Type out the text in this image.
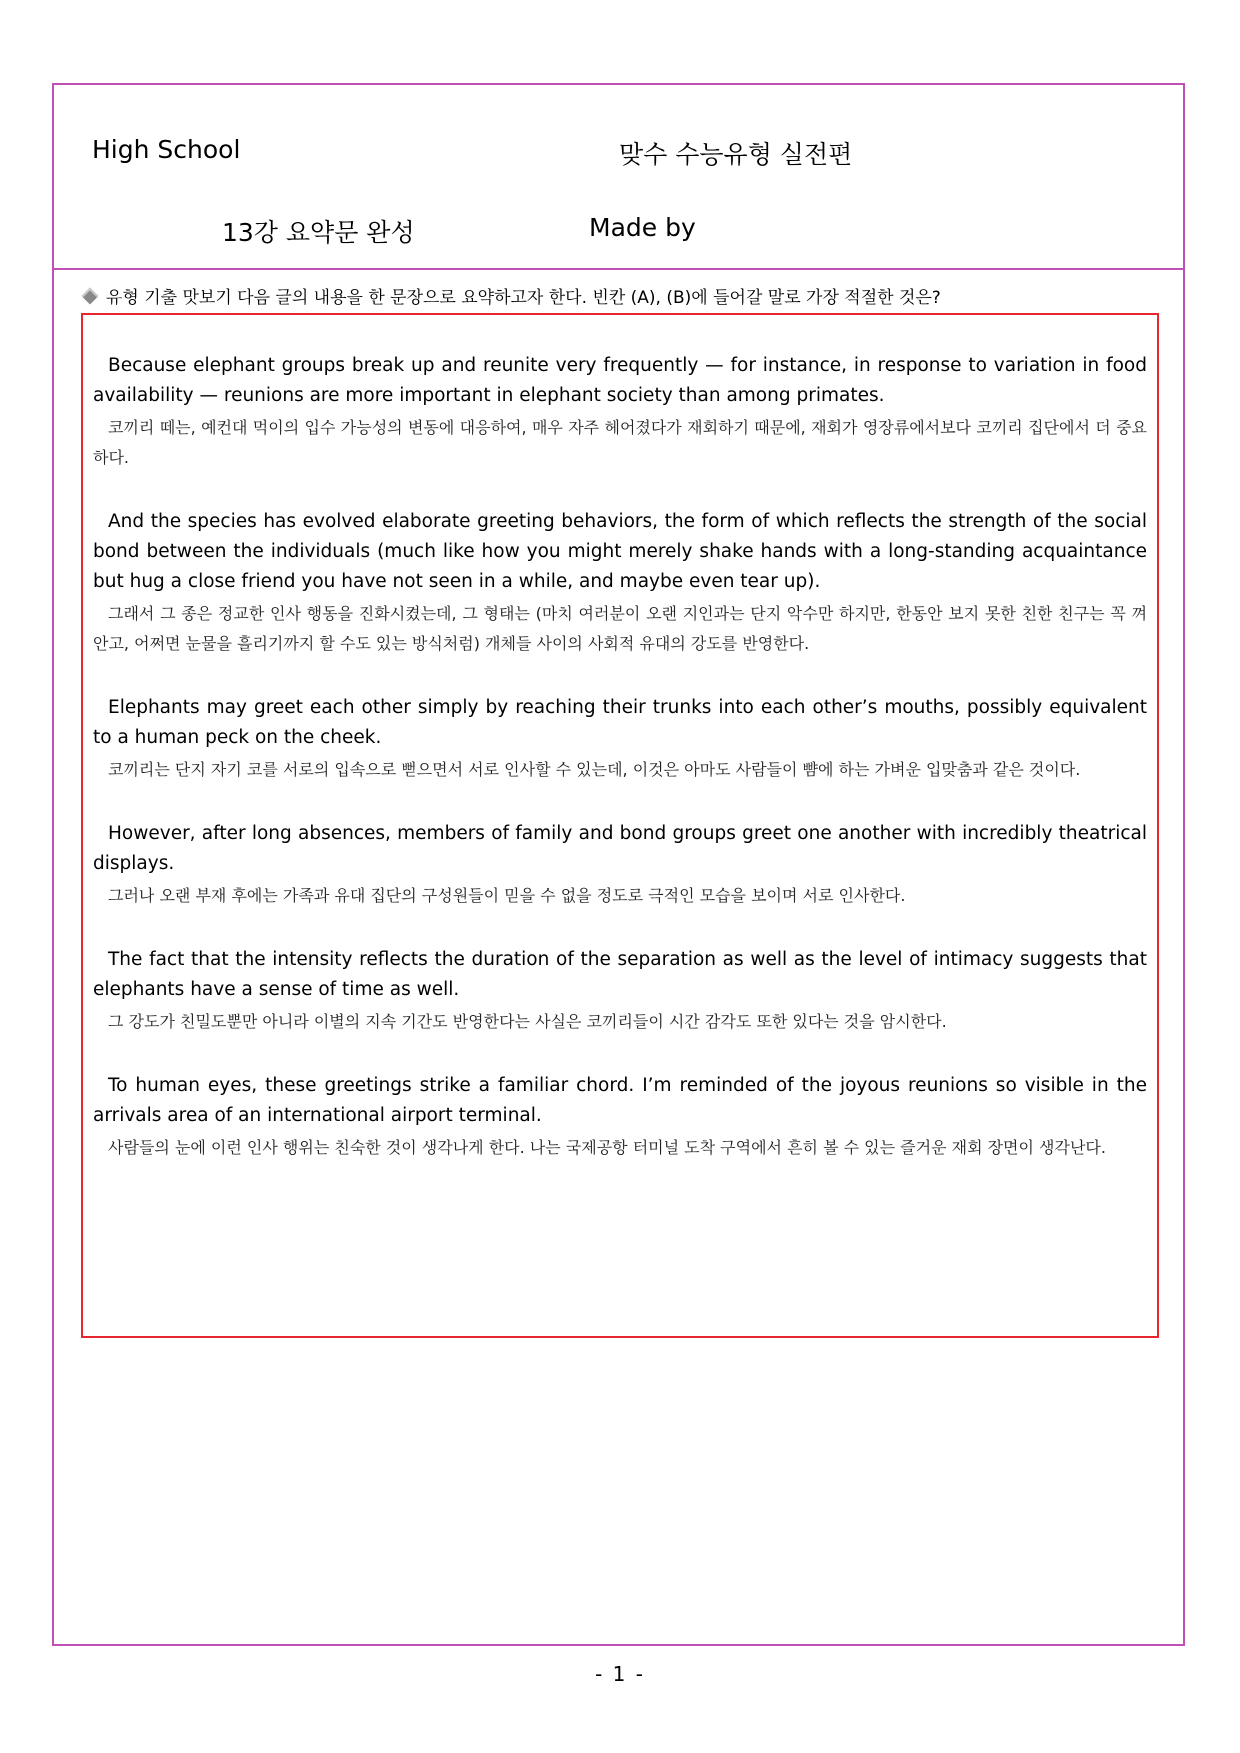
High School	맞수 수능유형 실전편
13강 요약문 완성	Made by
유형 기출 맛보기 다음 글의 내용을 한 문장으로 요약하고자 한다. 빈칸 (A), (B)에 들어갈 말로 가장 적절한 것은?

Because elephant groups break up and reunite very frequently — for instance, in response to variation in food availability — reunions are more important in elephant society than among primates.

코끼리 떼는, 예컨대 먹이의 입수 가능성의 변동에 대응하여, 매우 자주 헤어졌다가 재회하기 때문에, 재회가 영장류에서보다 코끼리 집단에서 더 중요하다.

And the species has evolved elaborate greeting behaviors, the form of which reflects the strength of the social bond between the individuals (much like how you might merely shake hands with a long-standing acquaintance but hug a close friend you have not seen in a while, and maybe even tear up).

그래서 그 종은 정교한 인사 행동을 진화시켰는데, 그 형태는 (마치 여러분이 오랜 지인과는 단지 악수만 하지만, 한동안 보지 못한 친한 친구는 꼭 껴안고, 어쩌면 눈물을 흘리기까지 할 수도 있는 방식처럼) 개체들 사이의 사회적 유대의 강도를 반영한다.

Elephants may greet each other simply by reaching their trunks into each other’s mouths, possibly equivalent to a human peck on the cheek.

코끼리는 단지 자기 코를 서로의 입속으로 뻗으면서 서로 인사할 수 있는데, 이것은 아마도 사람들이 뺨에 하는 가벼운 입맞춤과 같은 것이다.

However, after long absences, members of family and bond groups greet one another with incredibly theatrical displays.

그러나 오랜 부재 후에는 가족과 유대 집단의 구성원들이 믿을 수 없을 정도로 극적인 모습을 보이며 서로 인사한다.

The fact that the intensity reflects the duration of the separation as well as the level of intimacy suggests that elephants have a sense of time as well.

그 강도가 친밀도뿐만 아니라 이별의 지속 기간도 반영한다는 사실은 코끼리들이 시간 감각도 또한 있다는 것을 암시한다.

To human eyes, these greetings strike a familiar chord. I’m reminded of the joyous reunions so visible in the arrivals area of an international airport terminal.

사람들의 눈에 이런 인사 행위는 친숙한 것이 생각나게 한다. 나는 국제공항 터미널 도착 구역에서 흔히 볼 수 있는 즐거운 재회 장면이 생각난다.

- 1 -
